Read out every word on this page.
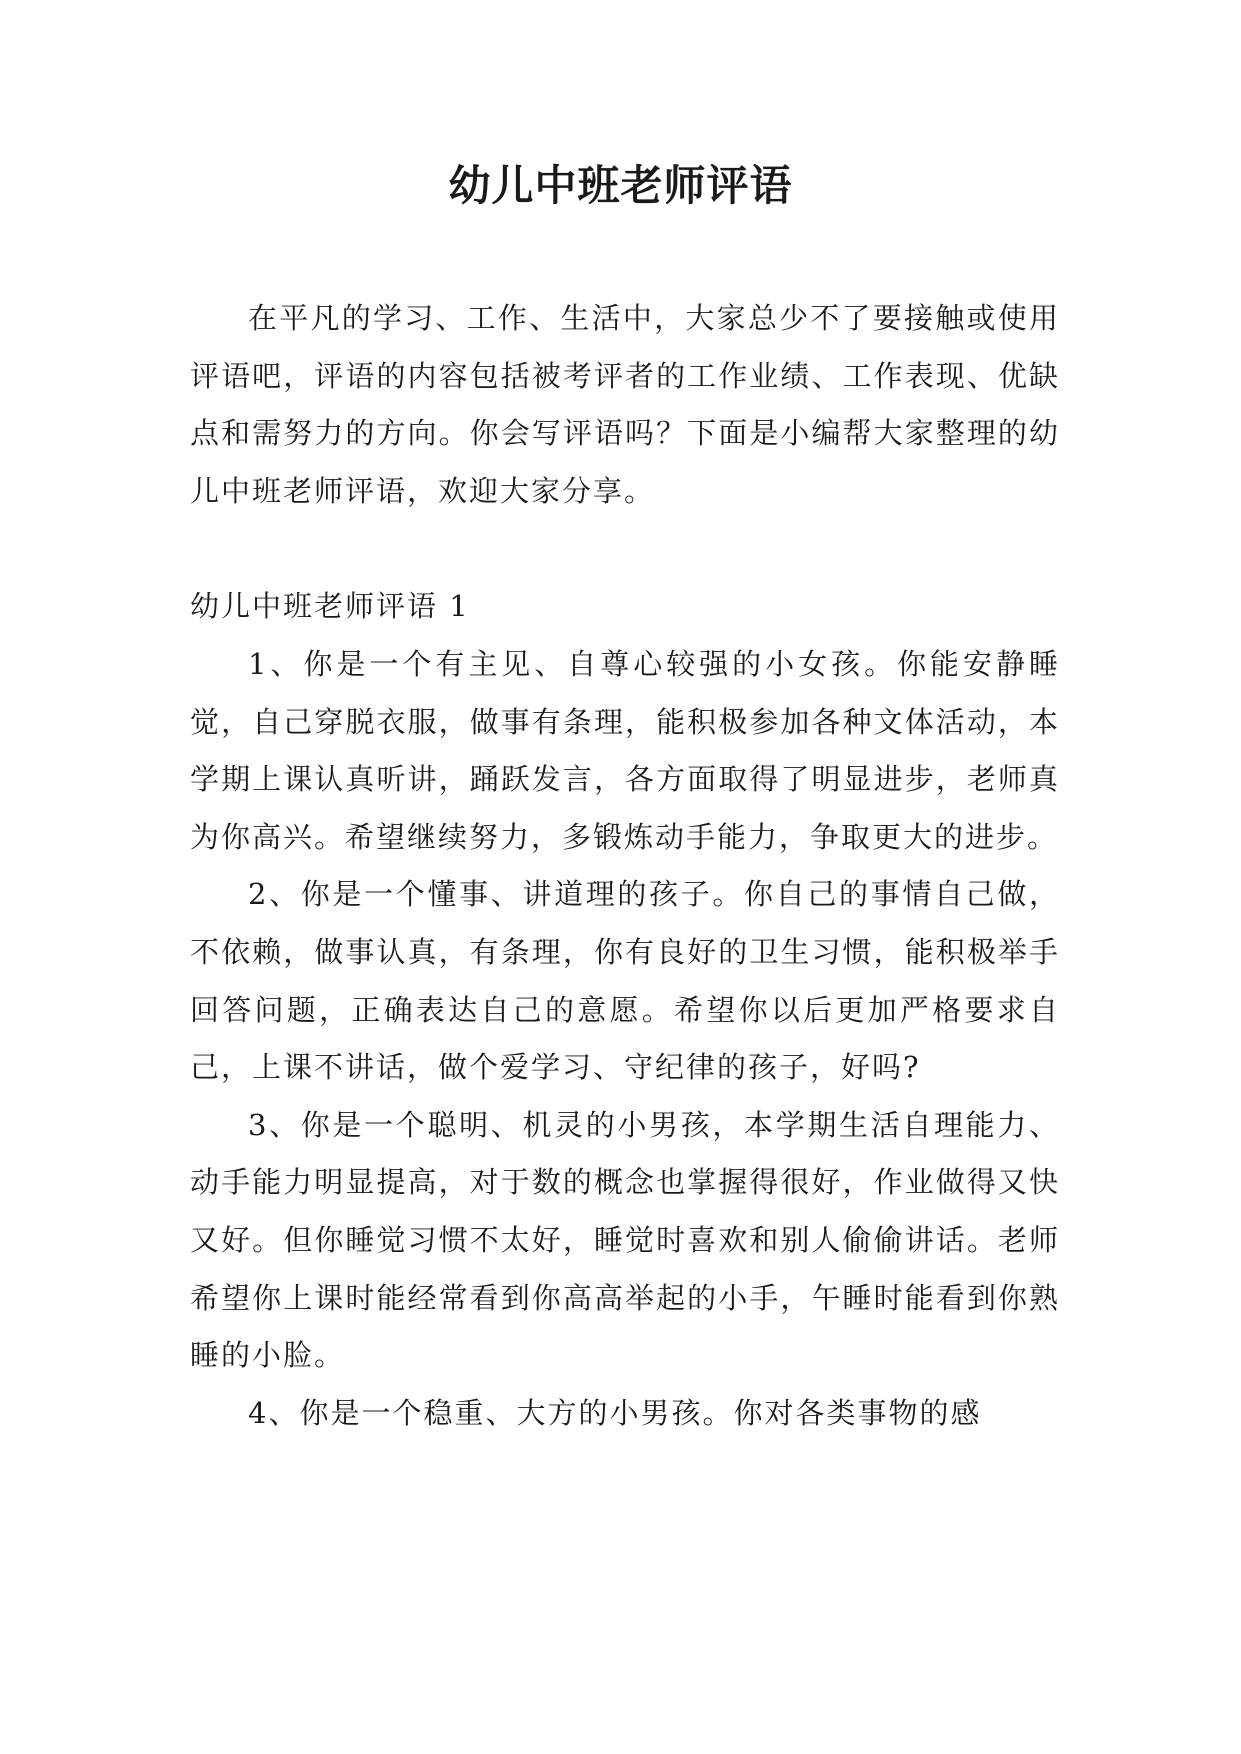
幼儿中班老师评语

在平凡的学习、工作、生活中，大家总少不了要接触或使用评语吧，评语的内容包括被考评者的工作业绩、工作表现、优缺点和需努力的方向。你会写评语吗？下面是小编帮大家整理的幼儿中班老师评语，欢迎大家分享。

幼儿中班老师评语 1

1、你是一个有主见、自尊心较强的小女孩。你能安静睡觉，自己穿脱衣服，做事有条理，能积极参加各种文体活动，本学期上课认真听讲，踊跃发言，各方面取得了明显进步，老师真为你高兴。希望继续努力，多锻炼动手能力，争取更大的进步。

2、你是一个懂事、讲道理的孩子。你自己的事情自己做，不依赖，做事认真，有条理，你有良好的卫生习惯，能积极举手回答问题，正确表达自己的意愿。希望你以后更加严格要求自己，上课不讲话，做个爱学习、守纪律的孩子，好吗?

3、你是一个聪明、机灵的小男孩，本学期生活自理能力、动手能力明显提高，对于数的概念也掌握得很好，作业做得又快又好。但你睡觉习惯不太好，睡觉时喜欢和别人偷偷讲话。老师希望你上课时能经常看到你高高举起的小手，午睡时能看到你熟睡的小脸。

4、你是一个稳重、大方的小男孩。你对各类事物的感
